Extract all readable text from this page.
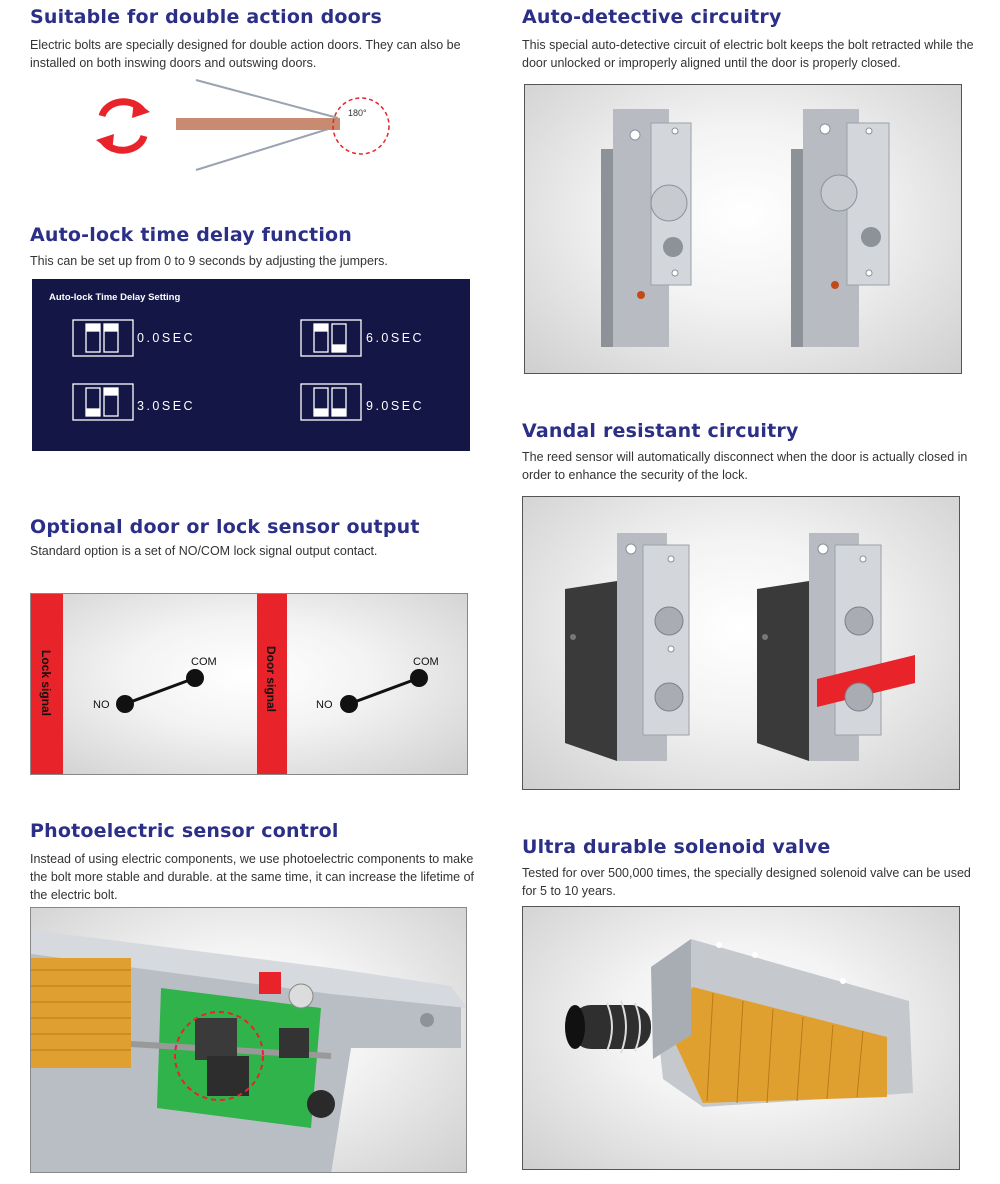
Suitable for double action doors
Electric bolts are specially designed for double action doors. They can also be installed on both inswing doors and outswing doors.
180°
Auto-lock time delay function
This can be set up from 0 to 9 seconds by adjusting the jumpers.
Auto-lock Time Delay Setting
0.0SEC	6.0SEC
3.0SEC	9.0SEC
Optional door or lock sensor output
Standard option is a set of NO/COM lock signal output contact.
Lock signal	Door signal
NO
COM
NO
COM
Photoelectric sensor control
Instead of using electric components, we use photoelectric components to make the bolt more stable and durable. at the same time, it can increase the lifetime of the electric bolt.
Auto-detective circuitry
This special auto-detective circuit of electric bolt keeps the bolt retracted while the door unlocked or improperly aligned until the door is properly closed.
Vandal resistant circuitry
The reed sensor will automatically disconnect when the door is actually closed in order to enhance the security of the lock.
Ultra durable solenoid valve
Tested for over 500,000 times, the specially designed solenoid valve can be used for 5 to 10 years.
